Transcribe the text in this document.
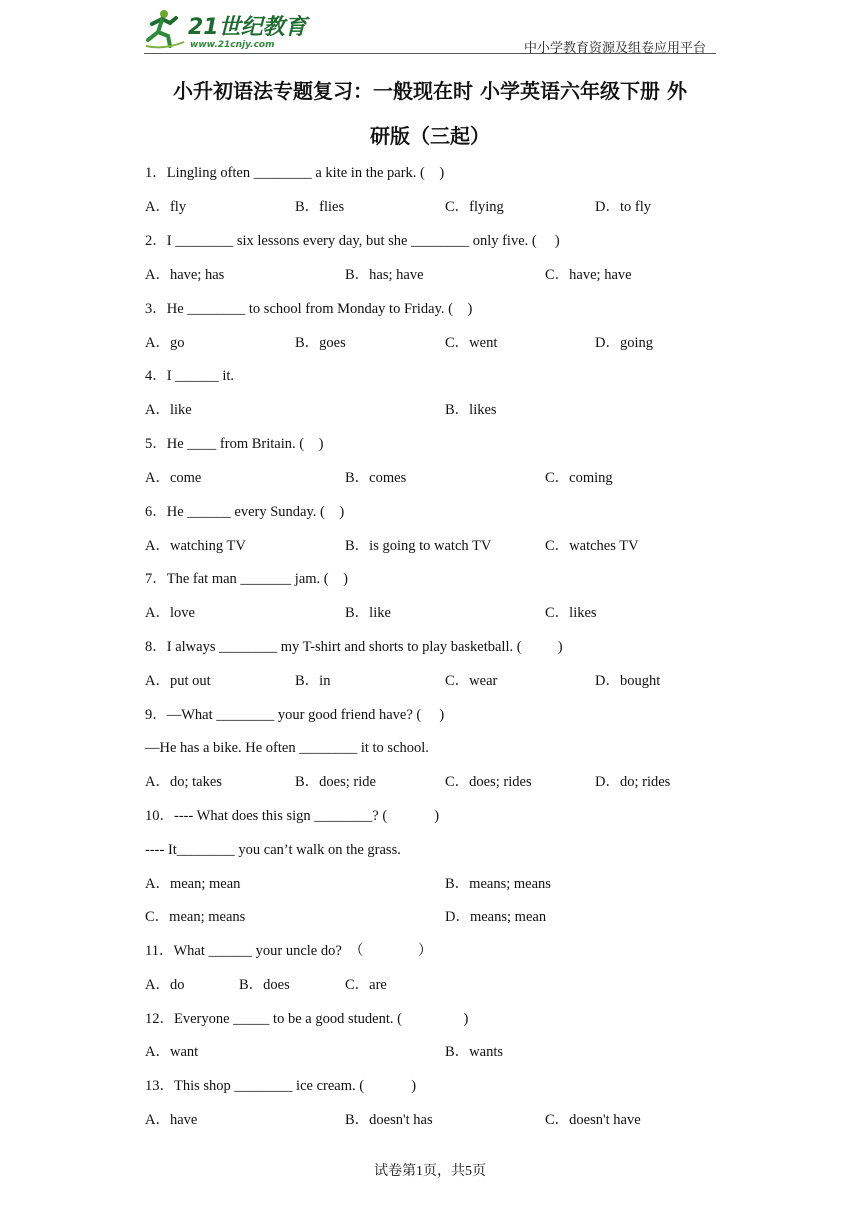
21世纪教育
www.21cnjy.com	中小学教育资源及组卷应用平台
小升初语法专题复习：一般现在时 小学英语六年级下册 外
研版（三起）
1．Lingling often ________ a kite in the park. (    )
A．fly	B．flies	C．flying	D．to fly
2．I ________ six lessons every day, but she ________ only five. (     )
A．have; has	B．has; have	C．have; have
3．He ________ to school from Monday to Friday. (    )
A．go	B．goes	C．went	D．going
4．I ______ it.
A．like	B．likes
5．He ____ from Britain. (    )
A．come	B．comes	C．coming
6．He ______ every Sunday. (    )
A．watching TV	B．is going to watch TV	C．watches TV
7．The fat man _______ jam. (    )
A．love	B．like	C．likes
8．I always ________ my T-shirt and shorts to play basketball. (          )
A．put out	B．in	C．wear	D．bought
9．—What ________ your good friend have? (     )
—He has a bike. He often ________ it to school.
A．do; takes	B．does; ride	C．does; rides	D．do; rides
10．---- What does this sign ________? (             )
---- It________ you can’t walk on the grass.
A．mean; mean	B．means; means
C．mean; means	D．means; mean
11．What ______ your uncle do?  （               ）
A．do	B．does	C．are
12．Everyone _____ to be a good student. (                 )
A．want	B．wants
13．This shop ________ ice cream. (             )
A．have	B．doesn't has	C．doesn't have
试卷第1页，共5页
